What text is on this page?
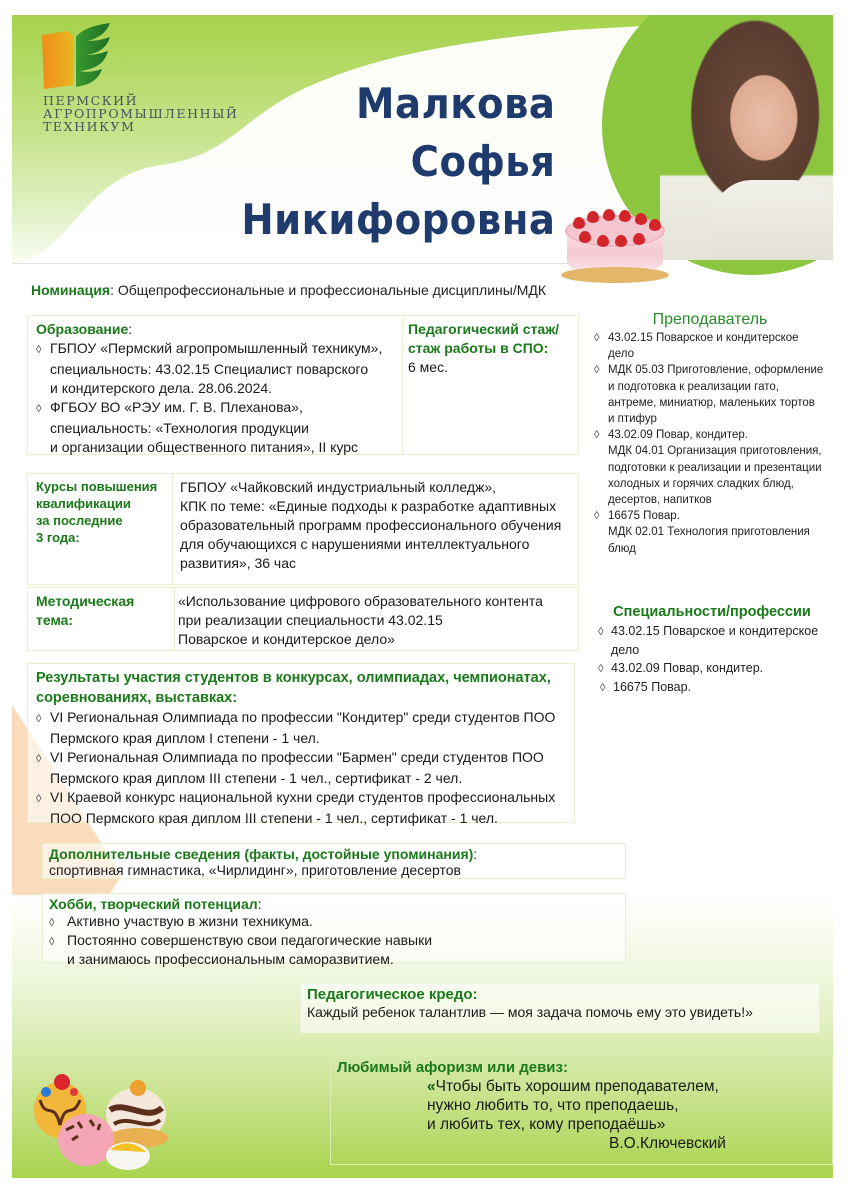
ПЕРМСКИЙ
АГРОПРОМЫШЛЕННЫЙ
ТЕХНИКУМ	Малкова
Софья
Никифоровна
Номинация: Общепрофессиональные и профессиональные дисциплины/МДК
Образование:
◊ ГБПОУ «Пермский агропромышленный техникум»,
специальность: 43.02.15 Специалист поварского
и кондитерского дела. 28.06.2024.
◊ ФГБОУ ВО «РЭУ им. Г. В. Плеханова»,
специальность: «Технология продукции
и организации общественного питания», II курс
Педагогический стаж/
стаж работы в СПО:
6 мес.
Курсы повышения
квалификации
за последние
3 года:
ГБПОУ «Чайковский индустриальный колледж»,
КПК по теме: «Единые подходы к разработке адаптивных
образовательный программ профессионального обучения
для обучающихся с нарушениями интеллектуального
развития», 36 час
Методическая
тема:
«Использование цифрового образовательного контента
при реализации специальности 43.02.15
Поварское и кондитерское дело»
Результаты участия студентов в конкурсах, олимпиадах, чемпионатах,
соревнованиях, выставках:
◊ VI Региональная Олимпиада по профессии "Кондитер" среди студентов ПОО
Пермского края диплом I степени - 1 чел.
◊ VI Региональная Олимпиада по профессии "Бармен" среди студентов ПОО
Пермского края диплом III степени - 1 чел., сертификат - 2 чел.
◊ VI Краевой конкурс национальной кухни среди студентов профессиональных
ПОО Пермского края диплом III степени - 1 чел., сертификат - 1 чел.
Дополнительные сведения (факты, достойные упоминания):
спортивная гимнастика, «Чирлидинг», приготовление десертов
Хобби, творческий потенциал:
◊ Активно участвую в жизни техникума.
◊ Постоянно совершенствую свои педагогические навыки
и занимаюсь профессиональным саморазвитием.
Педагогическое кредо:
Каждый ребенок талантлив — моя задача помочь ему это увидеть!»
Любимый афоризм или девиз:
«Чтобы быть хорошим преподавателем,
нужно любить то, что преподаешь,
и любить тех, кому преподаёшь»
В.О.Ключевский
Преподаватель
◊ 43.02.15 Поварское и кондитерское
дело
◊ МДК 05.03 Приготовление, оформление
и подготовка к реализации гато,
антреме, миниатюр, маленьких тортов
и птифур
◊ 43.02.09 Повар, кондитер.
МДК 04.01 Организация приготовления,
подготовки к реализации и презентации
холодных и горячих сладких блюд,
десертов, напитков
◊ 16675 Повар.
МДК 02.01 Технология приготовления
блюд
Специальности/профессии
◊ 43.02.15 Поварское и кондитерское
дело
◊ 43.02.09 Повар, кондитер.
◊ 16675 Повар.
